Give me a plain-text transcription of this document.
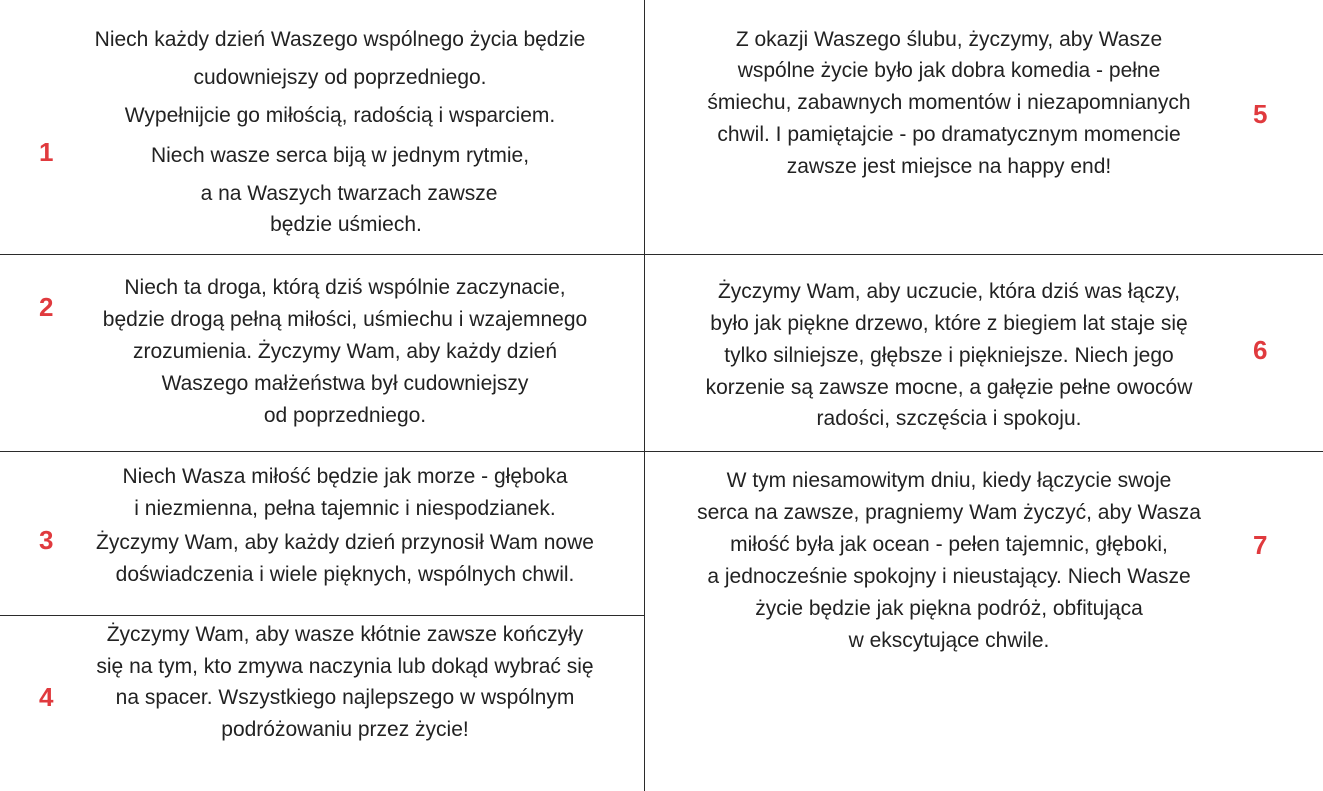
1
Niech każdy dzień Waszego wspólnego życia będzie
cudowniejszy od poprzedniego.
Wypełnijcie go miłością, radością i wsparciem.
Niech wasze serca biją w jednym rytmie,
a na Waszych twarzach zawsze
będzie uśmiech.
2
Niech ta droga, którą dziś wspólnie zaczynacie,
będzie drogą pełną miłości, uśmiechu i wzajemnego
zrozumienia. Życzymy Wam, aby każdy dzień
Waszego małżeństwa był cudowniejszy
od poprzedniego.
3
Niech Wasza miłość będzie jak morze - głęboka
i niezmienna, pełna tajemnic i niespodzianek.
Życzymy Wam, aby każdy dzień przynosił Wam nowe
doświadczenia i wiele pięknych, wspólnych chwil.
4
Życzymy Wam, aby wasze kłótnie zawsze kończyły
się na tym, kto zmywa naczynia lub dokąd wybrać się
na spacer. Wszystkiego najlepszego w wspólnym
podróżowaniu przez życie!
5
Z okazji Waszego ślubu, życzymy, aby Wasze
wspólne życie było jak dobra komedia - pełne
śmiechu, zabawnych momentów i niezapomnianych
chwil. I pamiętajcie - po dramatycznym momencie
zawsze jest miejsce na happy end!
6
Życzymy Wam, aby uczucie, która dziś was łączy,
było jak piękne drzewo, które z biegiem lat staje się
tylko silniejsze, głębsze i piękniejsze. Niech jego
korzenie są zawsze mocne, a gałęzie pełne owoców
radości, szczęścia i spokoju.
7
W tym niesamowitym dniu, kiedy łączycie swoje
serca na zawsze, pragniemy Wam życzyć, aby Wasza
miłość była jak ocean - pełen tajemnic, głęboki,
a jednocześnie spokojny i nieustający. Niech Wasze
życie będzie jak piękna podróż, obfitująca
w ekscytujące chwile.
